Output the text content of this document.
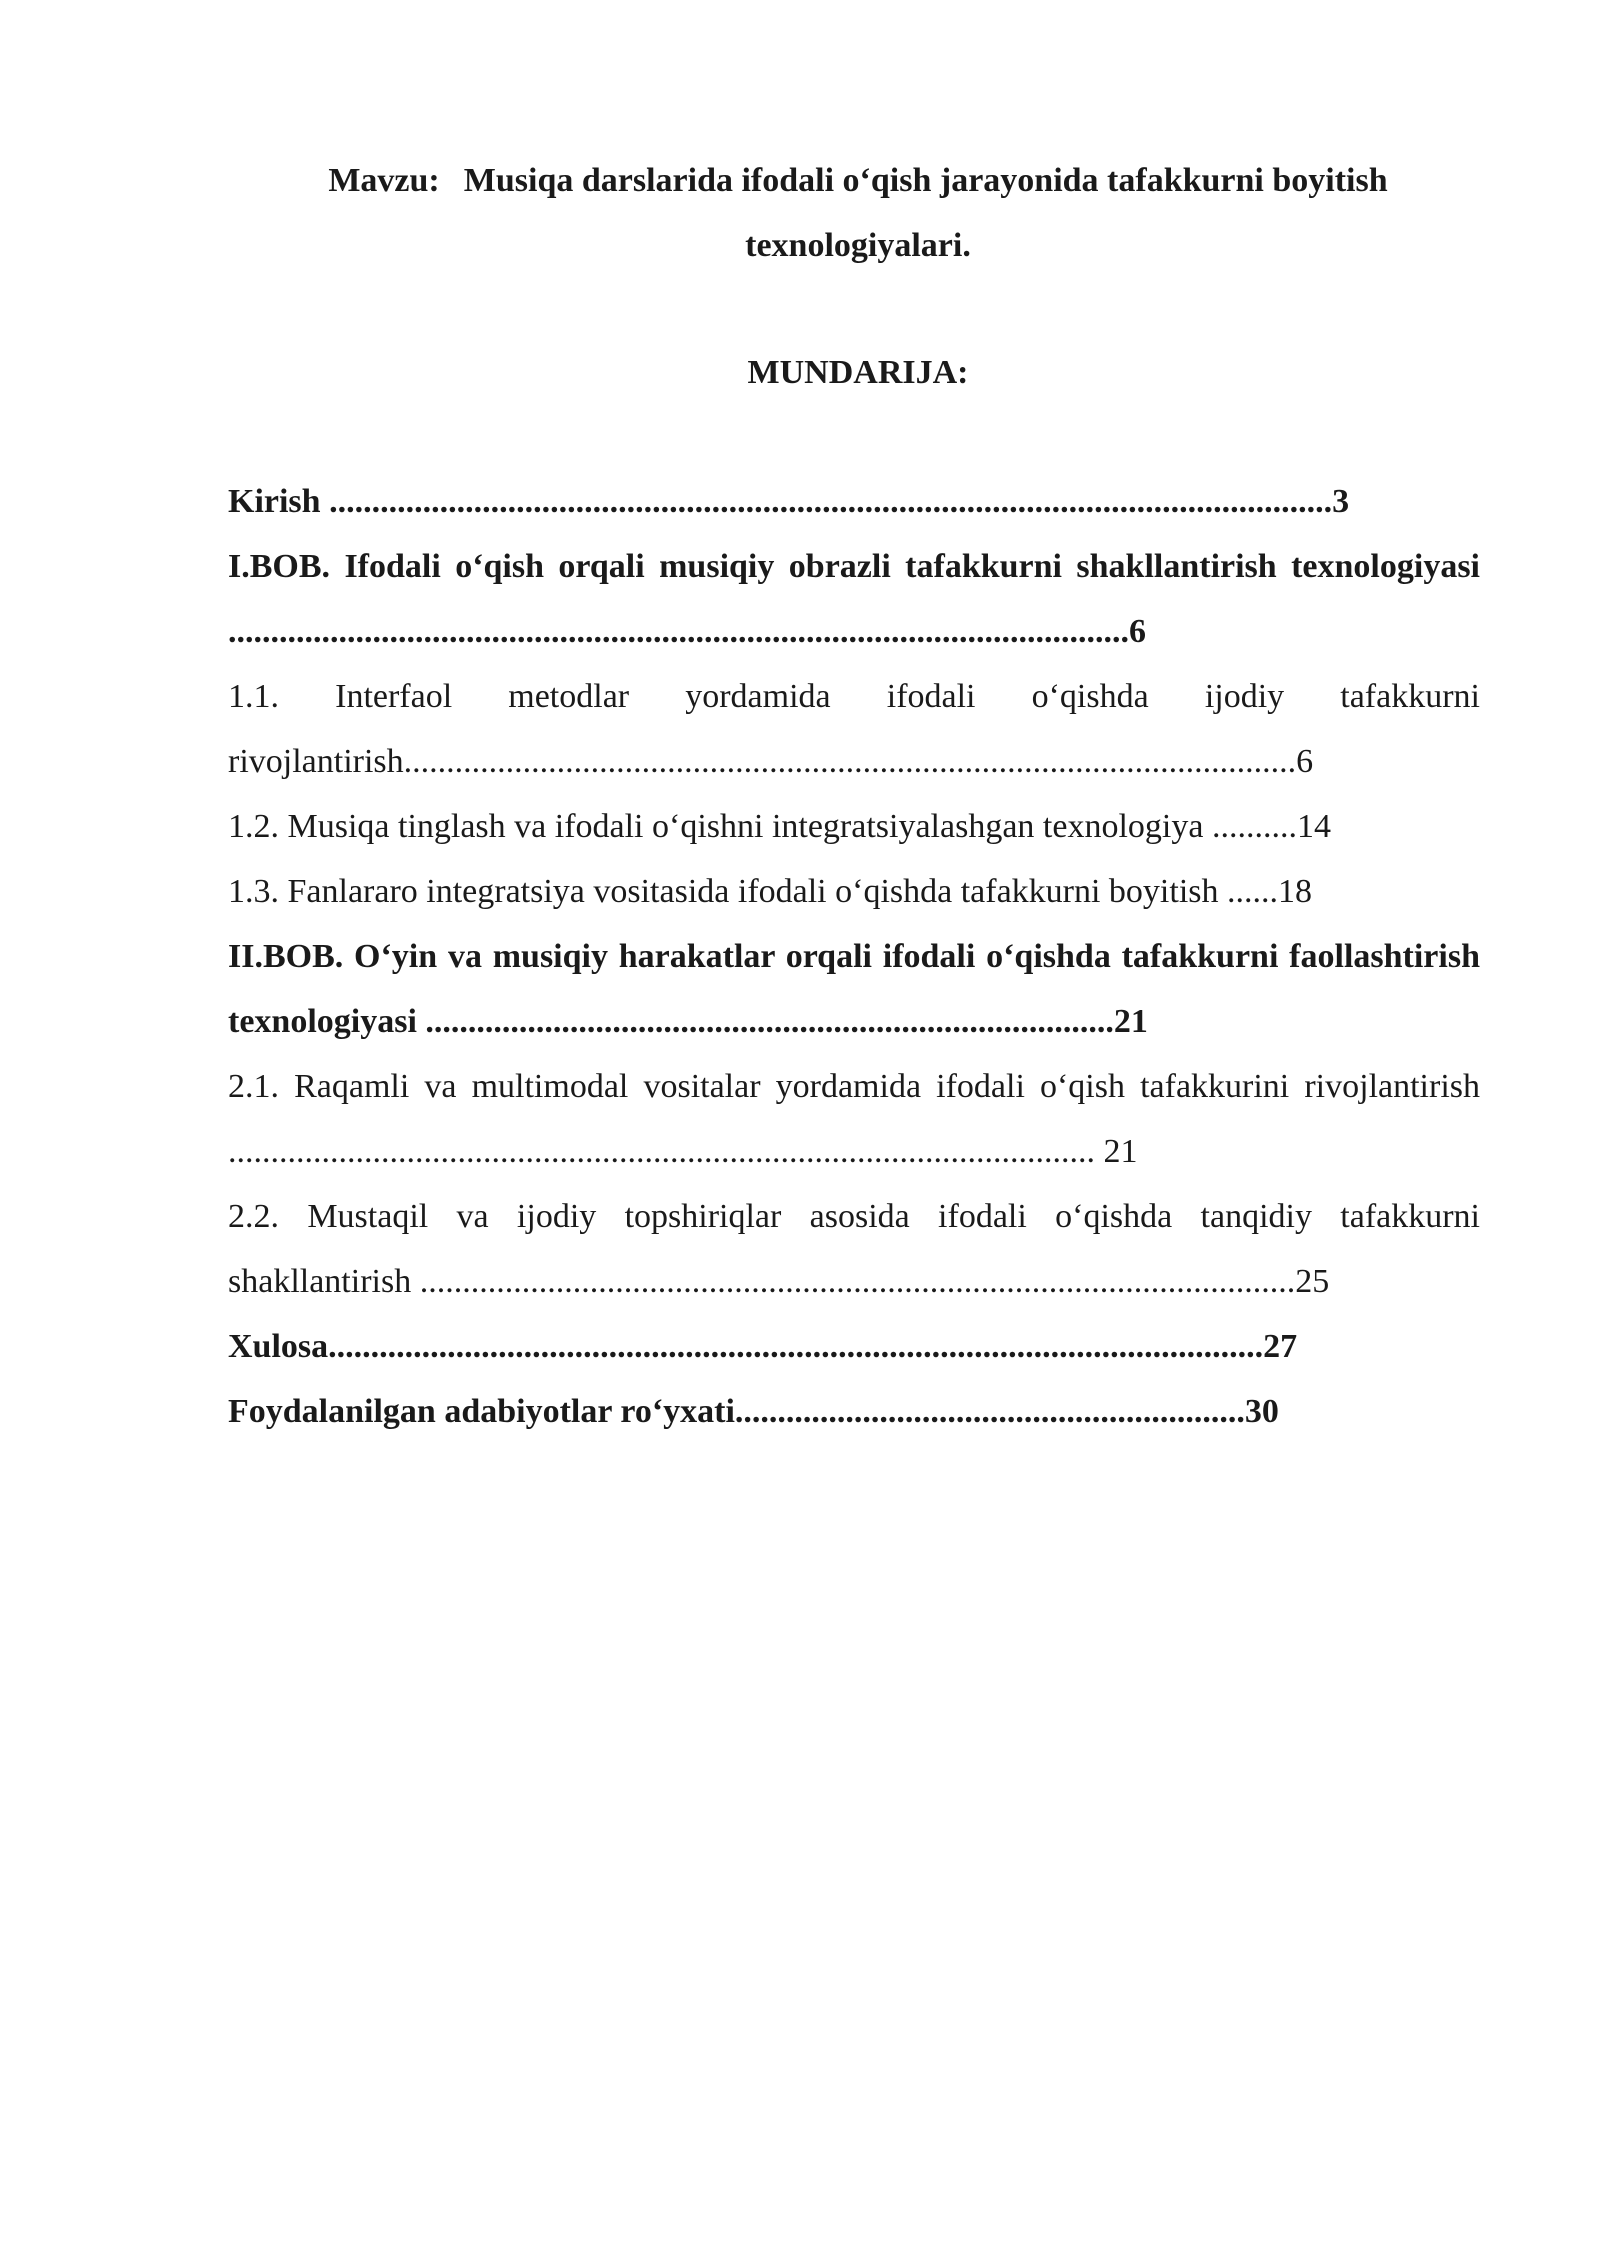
Mavzu: Musiqa darslarida ifodali o‘qish jarayonida tafakkurni boyitish texnologiyalari.
MUNDARIJA:
Kirish ......................................................................................................................3
I.BOB. Ifodali o‘qish orqali musiqiy obrazli tafakkurni shakllantirish texnologiyasi ..........................................................................................................6
1.1. Interfaol metodlar yordamida ifodali o‘qishda ijodiy tafakkurni rivojlantirish.........................................................................................................6
1.2. Musiqa tinglash va ifodali o‘qishni integratsiyalashgan texnologiya ..........14
1.3. Fanlararo integratsiya vositasida ifodali o‘qishda tafakkurni boyitish ......18
II.BOB. O‘yin va musiqiy harakatlar orqali ifodali o‘qishda tafakkurni faollashtirish texnologiyasi .................................................................................21
2.1. Raqamli va multimodal vositalar yordamida ifodali o‘qish tafakkurini rivojlantirish ...................................................................................................... 21
2.2. Mustaqil va ijodiy topshiriqlar asosida ifodali o‘qishda tanqidiy tafakkurni shakllantirish .......................................................................................................25
Xulosa..............................................................................................................27
Foydalanilgan adabiyotlar ro‘yxati............................................................30
